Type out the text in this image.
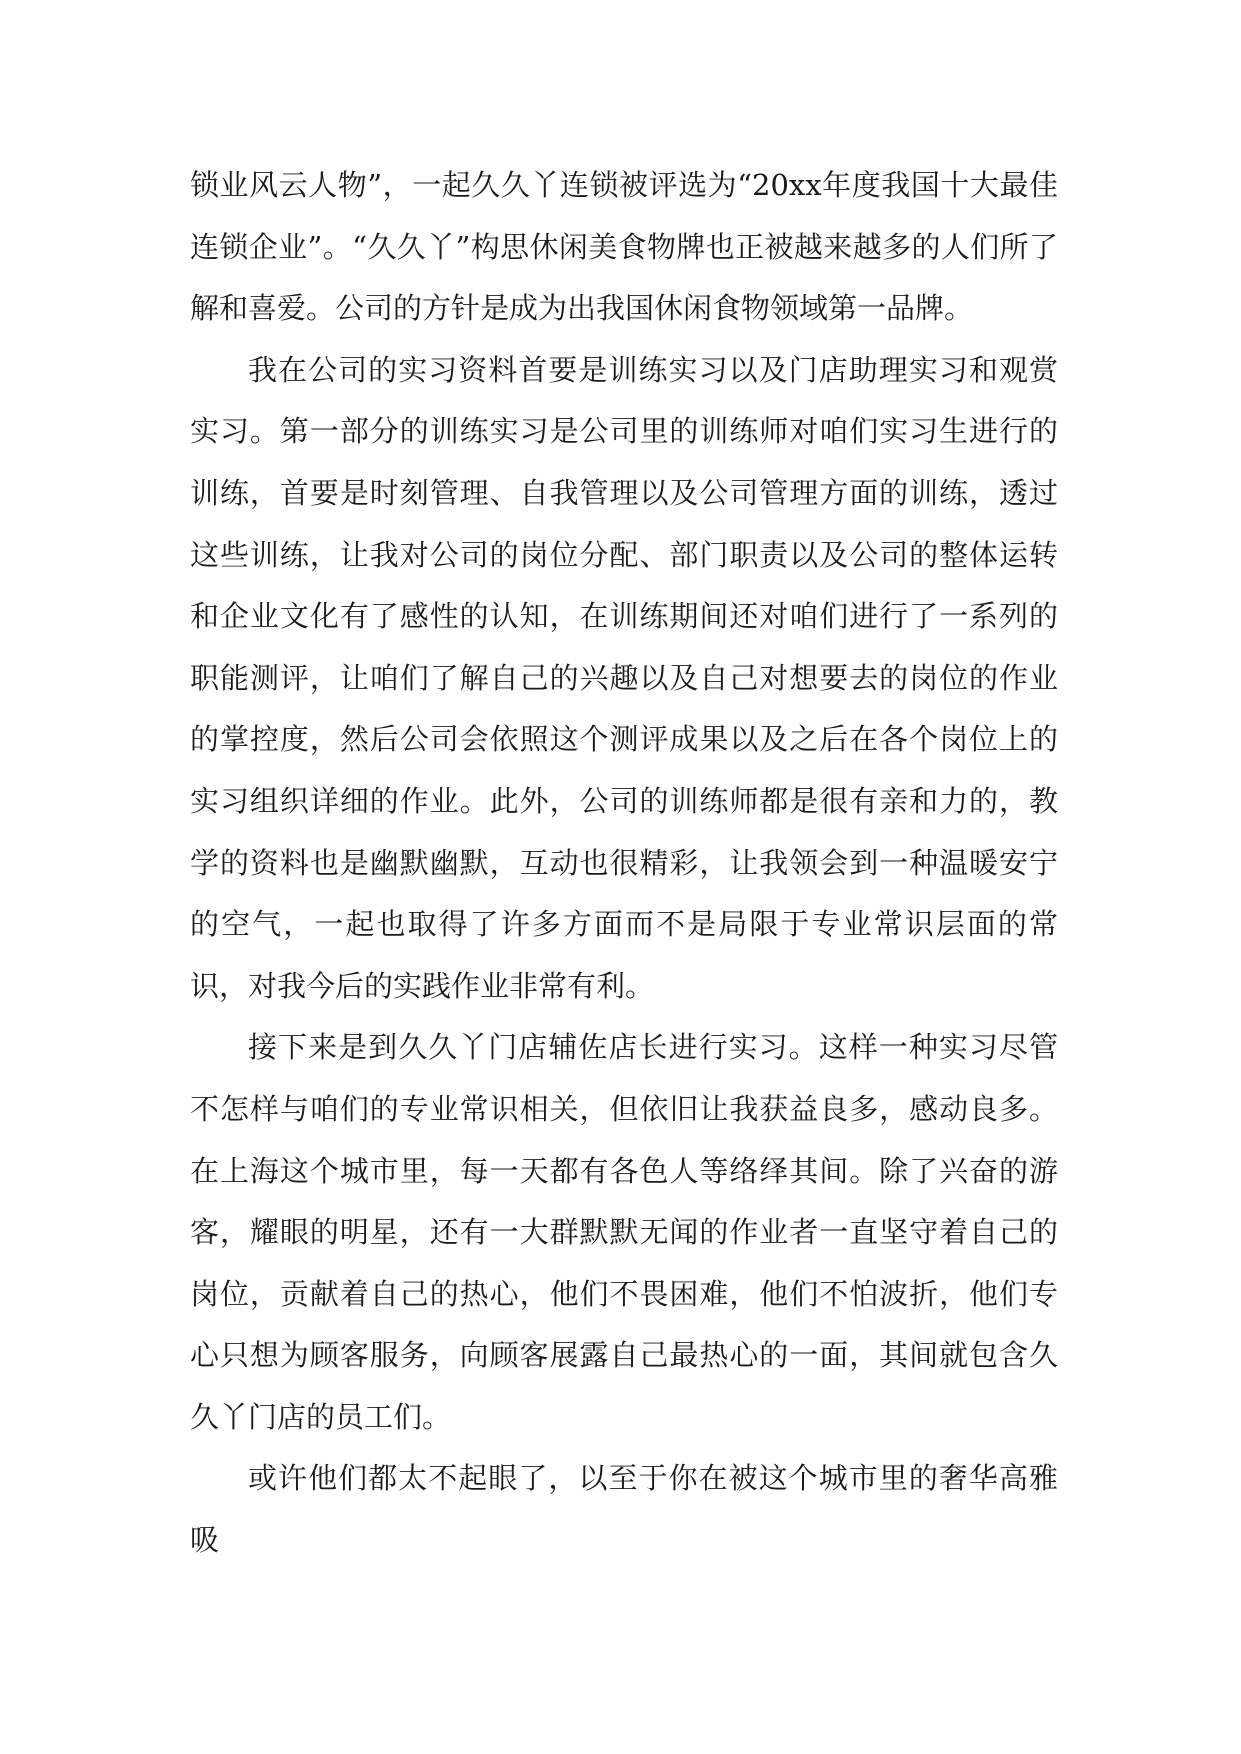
锁业风云人物”，一起久久丫连锁被评选为“20xx年度我国十大最佳连锁企业”。“久久丫”构思休闲美食物牌也正被越来越多的人们所了解和喜爱。公司的方针是成为出我国休闲食物领域第一品牌。

我在公司的实习资料首要是训练实习以及门店助理实习和观赏实习。第一部分的训练实习是公司里的训练师对咱们实习生进行的训练，首要是时刻管理、自我管理以及公司管理方面的训练，透过这些训练，让我对公司的岗位分配、部门职责以及公司的整体运转和企业文化有了感性的认知，在训练期间还对咱们进行了一系列的职能测评，让咱们了解自己的兴趣以及自己对想要去的岗位的作业的掌控度，然后公司会依照这个测评成果以及之后在各个岗位上的实习组织详细的作业。此外，公司的训练师都是很有亲和力的，教学的资料也是幽默幽默，互动也很精彩，让我领会到一种温暖安宁的空气，一起也取得了许多方面而不是局限于专业常识层面的常识，对我今后的实践作业非常有利。

接下来是到久久丫门店辅佐店长进行实习。这样一种实习尽管不怎样与咱们的专业常识相关，但依旧让我获益良多，感动良多。在上海这个城市里，每一天都有各色人等络绎其间。除了兴奋的游客，耀眼的明星，还有一大群默默无闻的作业者一直坚守着自己的岗位，贡献着自己的热心，他们不畏困难，他们不怕波折，他们专心只想为顾客服务，向顾客展露自己最热心的一面，其间就包含久久丫门店的员工们。

或许他们都太不起眼了，以至于你在被这个城市里的奢华高雅吸
